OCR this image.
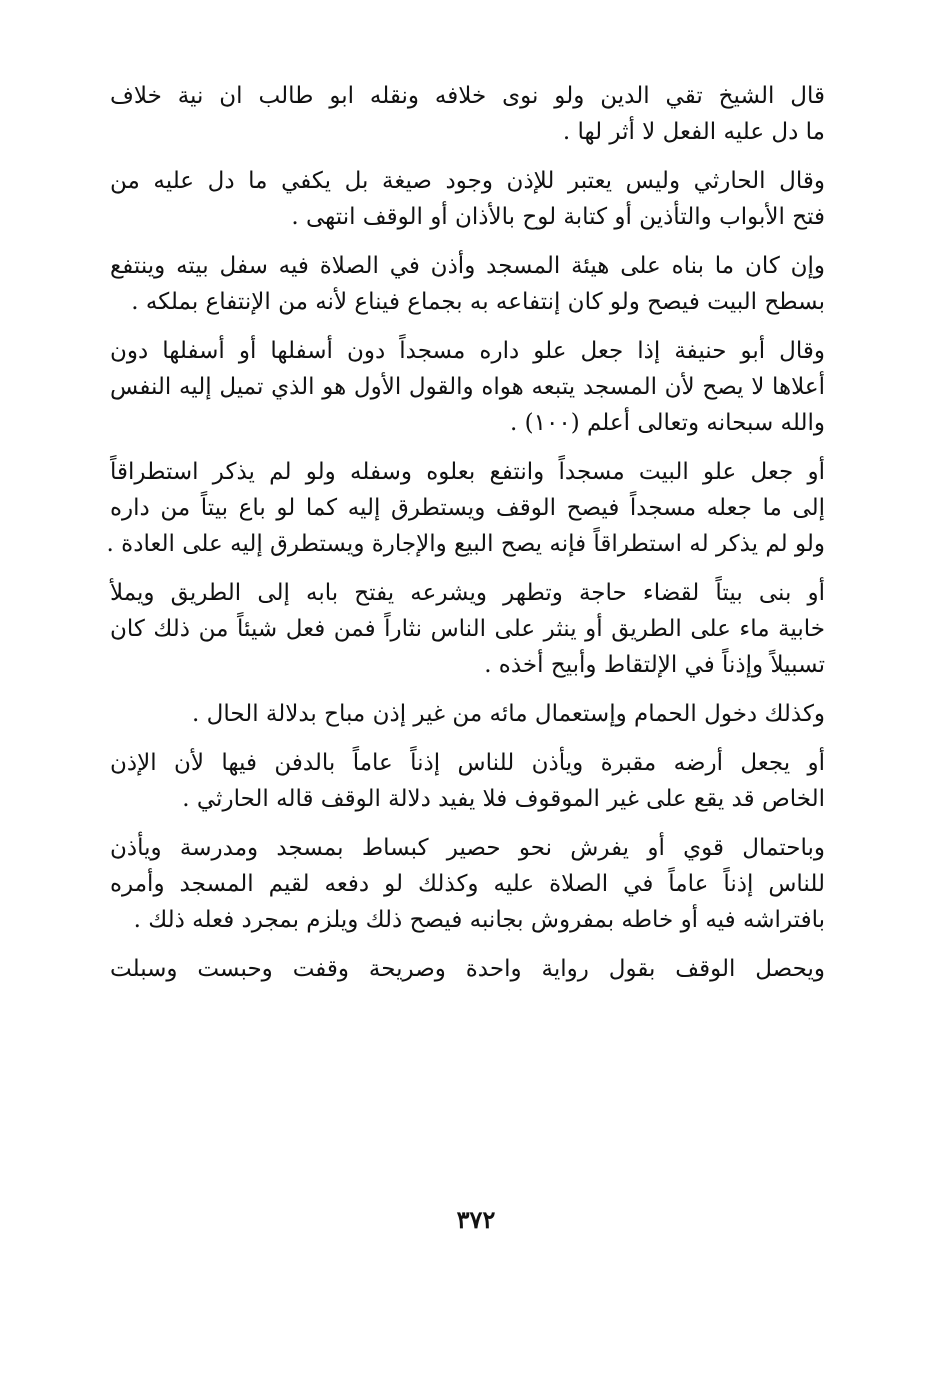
قال الشيخ تقي الدين ولو نوى خلافه ونقله ابو طالب ان نية خلاف
ما دل عليه الفعل لا أثر لها .
وقال الحارثي وليس يعتبر للإذن وجود صيغة بل يكفي ما دل عليه من
فتح الأبواب والتأذين أو كتابة لوح بالأذان أو الوقف انتهى .
وإن كان ما بناه على هيئة المسجد وأذن في الصلاة فيه سفل بيته وينتفع
بسطح البيت فيصح ولو كان إنتفاعه به بجماع فيناع لأنه من الإنتفاع بملكه .
وقال أبو حنيفة إذا جعل علو داره مسجداً دون أسفلها أو أسفلها دون
أعلاها لا يصح لأن المسجد يتبعه هواه والقول الأول هو الذي تميل إليه النفس
والله سبحانه وتعالى أعلم (١٠٠) .
أو جعل علو البيت مسجداً وانتفع بعلوه وسفله ولو لم يذكر استطراقاً
إلى ما جعله مسجداً فيصح الوقف ويستطرق إليه كما لو باع بيتاً من داره
ولو لم يذكر له استطراقاً فإنه يصح البيع والإجارة ويستطرق إليه على العادة .
أو بنى بيتاً لقضاء حاجة وتطهر ويشرعه يفتح بابه إلى الطريق ويملأ
خابية ماء على الطريق أو ينثر على الناس نثاراً فمن فعل شيئاً من ذلك كان
تسبيلاً وإذناً في الإلتقاط وأبيح أخذه .
وكذلك دخول الحمام وإستعمال مائه من غير إذن مباح بدلالة الحال .
أو يجعل أرضه مقبرة ويأذن للناس إذناً عاماً بالدفن فيها لأن الإذن
الخاص قد يقع على غير الموقوف فلا يفيد دلالة الوقف قاله الحارثي .
وباحتمال قوي أو يفرش نحو حصير كبساط بمسجد ومدرسة ويأذن
للناس إذناً عاماً في الصلاة عليه وكذلك لو دفعه لقيم المسجد وأمره
بافتراشه فيه أو خاطه بمفروش بجانبه فيصح ذلك ويلزم بمجرد فعله ذلك .
ويحصل الوقف بقول رواية واحدة وصريحة وقفت وحبست وسبلت
٣٧٢
